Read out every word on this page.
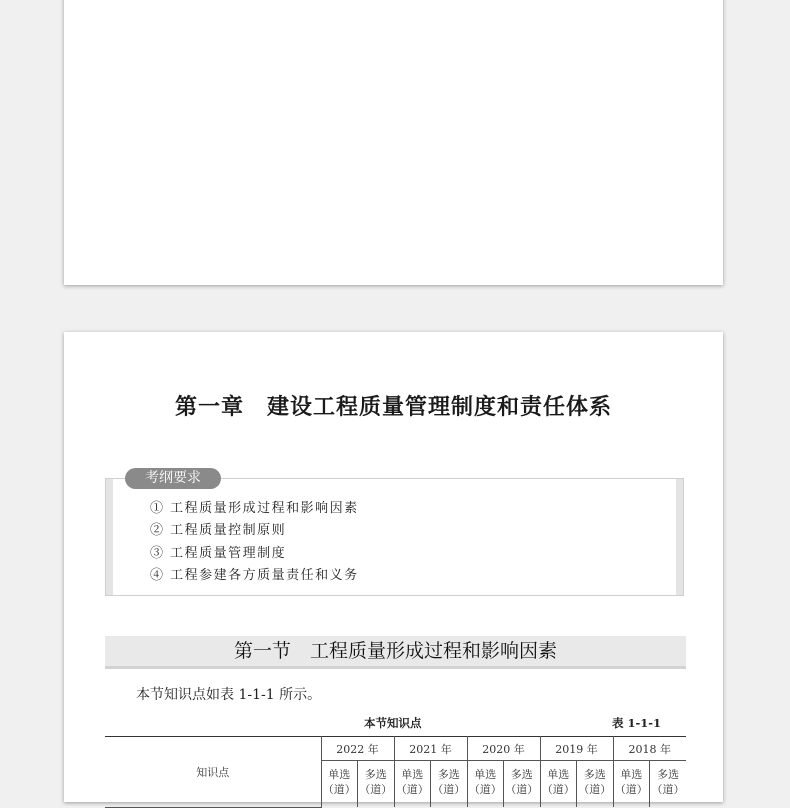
第一章　建设工程质量管理制度和责任体系
考纲要求
① 工程质量形成过程和影响因素
② 工程质量控制原则
③ 工程质量管理制度
④ 工程参建各方质量责任和义务
第一节　工程质量形成过程和影响因素
本节知识点如表 1-1-1 所示。
本节知识点	表 1-1-1
知识点	2022 年		2021 年		2020 年		2019 年		2018 年	
	单选（道）	多选（道）	单选（道）	多选（道）	单选（道）	多选（道）	单选（道）	多选（道）	单选（道）	多选（道）
